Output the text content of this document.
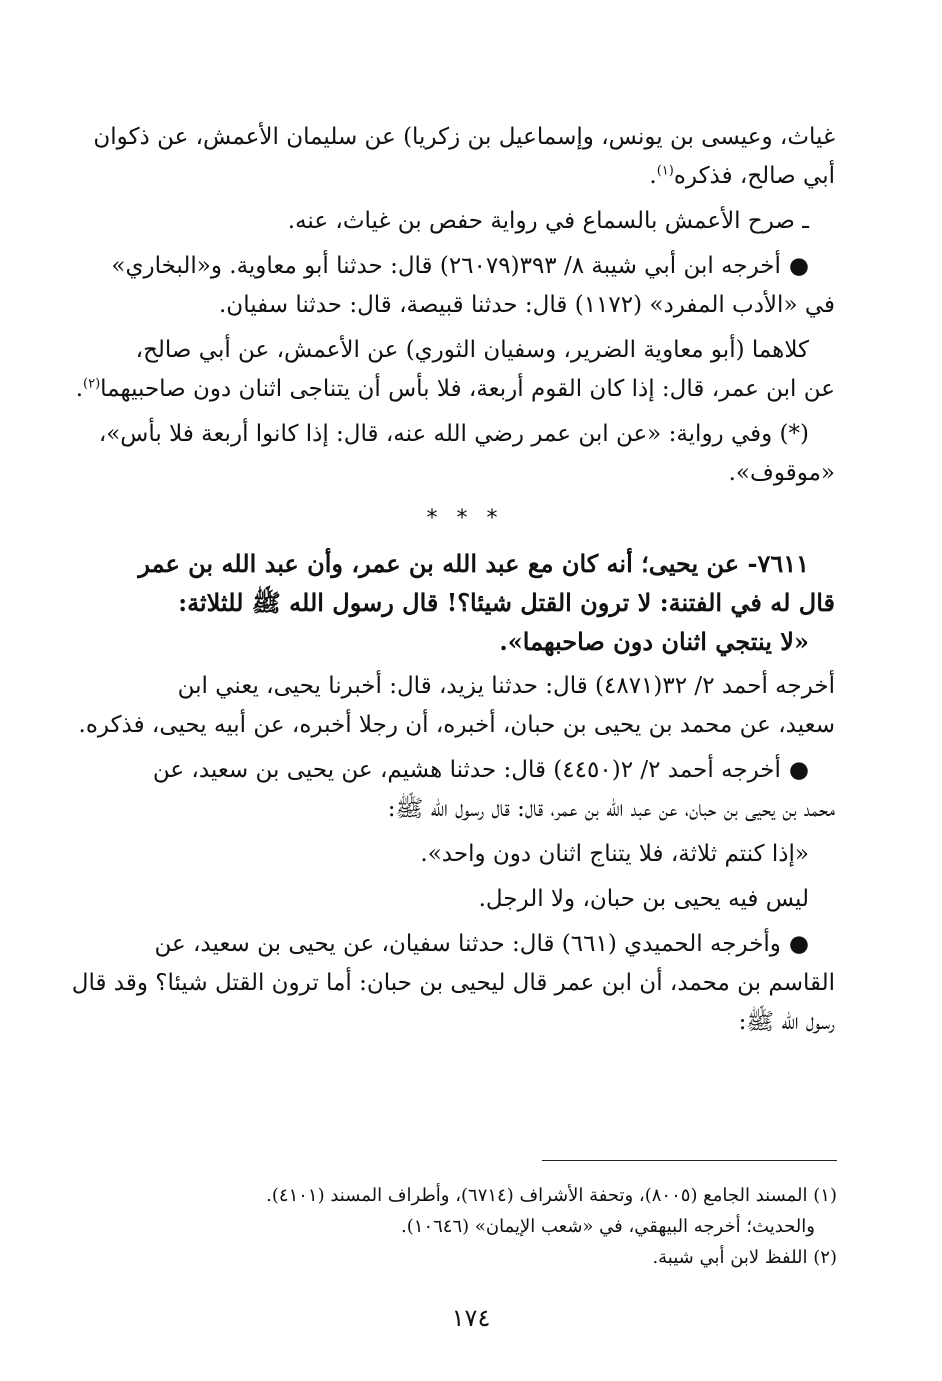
غياث، وعيسى بن يونس، وإسماعيل بن زكريا) عن سليمان الأعمش، عن ذكوان
أبي صالح، فذكره$^{(١)}$.
ـ صرح الأعمش بالسماع في رواية حفص بن غياث، عنه.
●أخرجه ابن أبي شيبة ٨/ ٣٩٣(٢٦٠٧٩) قال: حدثنا أبو معاوية. و«البخاري»
في «الأدب المفرد» (١١٧٢) قال: حدثنا قبيصة، قال: حدثنا سفيان.
كلاهما (أبو معاوية الضرير، وسفيان الثوري) عن الأعمش، عن أبي صالح،
عن ابن عمر، قال: إذا كان القوم أربعة، فلا بأس أن يتناجى اثنان دون صاحبيهما$^{(٢)}$.
(*) وفي رواية: «عن ابن عمر رضي الله عنه، قال: إذا كانوا أربعة فلا بأس»،
«موقوف».
* * *
٧٦١١- عن يحيى؛ أنه كان مع عبد الله بن عمر، وأن عبد الله بن عمر
قال له في الفتنة: لا ترون القتل شيئا؟! قال رسول الله ﷺ للثلاثة:
«لا ينتجي اثنان دون صاحبهما».
أخرجه أحمد ٢/ ٣٢(٤٨٧١) قال: حدثنا يزيد، قال: أخبرنا يحيى، يعني ابن
سعيد، عن محمد بن يحيى بن حبان، أخبره، أن رجلا أخبره، عن أبيه يحيى، فذكره.
●أخرجه أحمد ٢/ ٢(٤٤٥٠) قال: حدثنا هشيم، عن يحيى بن سعيد، عن
محمد بن يحيى بن حبان، عن عبد الله بن عمر، قال: قال رسول الله ﷺ:
«إذا كنتم ثلاثة، فلا يتناج اثنان دون واحد».
ليس فيه يحيى بن حبان، ولا الرجل.
●وأخرجه الحميدي (٦٦١) قال: حدثنا سفيان، عن يحيى بن سعيد، عن
القاسم بن محمد، أن ابن عمر قال ليحيى بن حبان: أما ترون القتل شيئا؟ وقد قال
رسول الله ﷺ:
(١) المسند الجامع (٨٠٠٥)، وتحفة الأشراف (٦٧١٤)، وأطراف المسند (٤١٠١).
والحديث؛ أخرجه البيهقي، في «شعب الإيمان» (١٠٦٤٦).
(٢) اللفظ لابن أبي شيبة.
١٧٤
